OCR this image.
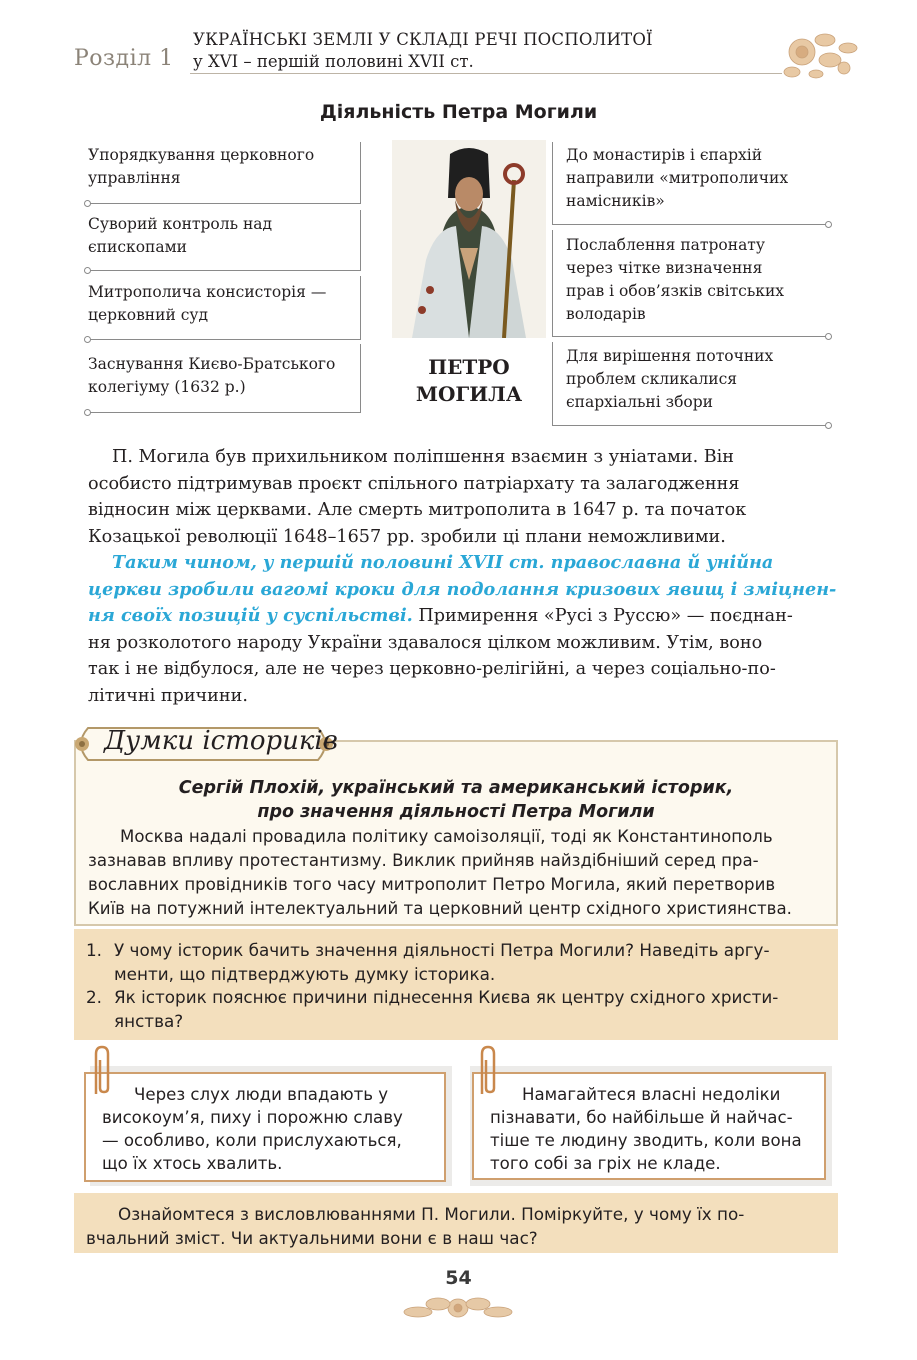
Розділ 1
УКРАЇНСЬКІ ЗЕМЛІ У СКЛАДІ РЕЧІ ПОСПОЛИТОЇ
у XVI – першій половині XVII ст.
Діяльність Петра Могили
Упорядкування церковного
управління
Суворий контроль над
єпископами
Митрополича консисторія —
церковний суд
Заснування Києво-Братського
колегіуму (1632 р.)
ПЕТРО
МОГИЛА
До монастирів і єпархій
направили «митрополичих
намісників»
Послаблення патронату
через чітке визначення
прав і обов’язків світських
володарів
Для вирішення поточних
проблем скликалися
єпархіальні збори
П. Могила був прихильником поліпшення взаємин з уніатами. Він
особисто підтримував проєкт спільного патріархату та залагодження
відносин між церквами. Але смерть митрополита в 1647 р. та початок
Козацької революції 1648–1657 рр. зробили ці плани неможливими.
Таким чином, у першій половині XVII ст. православна й унійна
церкви зробили вагомі кроки для подолання кризових явищ і зміцнен-
ня своїх позицій у суспільстві. Примирення «Русі з Руссю» — поєднан-
ня розколотого народу України здавалося цілком можливим. Утім, воно
так і не відбулося, але не через церковно-релігійні, а через соціально-по-
літичні причини.
Думки істориків
Сергій Плохій, український та американський історик,
про значення діяльності Петра Могили
Москва надалі провадила політику самоізоляції, тоді як Константинополь
зазнавав впливу протестантизму. Виклик прийняв найздібніший серед пра-
вославних провідників того часу митрополит Петро Могила, який перетворив
Київ на потужний інтелектуальний та церковний центр східного християнства.
1. У чому історик бачить значення діяльності Петра Могили? Наведіть аргу-
менти, що підтверджують думку історика.
2. Як історик пояснює причини піднесення Києва як центру східного христи-
янства?
Через слух люди впадають у
високоум’я, пиху і порожню славу
— особливо, коли прислухаються,
що їх хтось хвалить.
Намагайтеся власні недоліки
пізнавати, бо найбільше й найчас-
тіше те людину зводить, коли вона
того собі за гріх не кладе.
Ознайомтеся з висловлюваннями П. Могили. Поміркуйте, у чому їх по-
вчальний зміст. Чи актуальними вони є в наш час?
54
